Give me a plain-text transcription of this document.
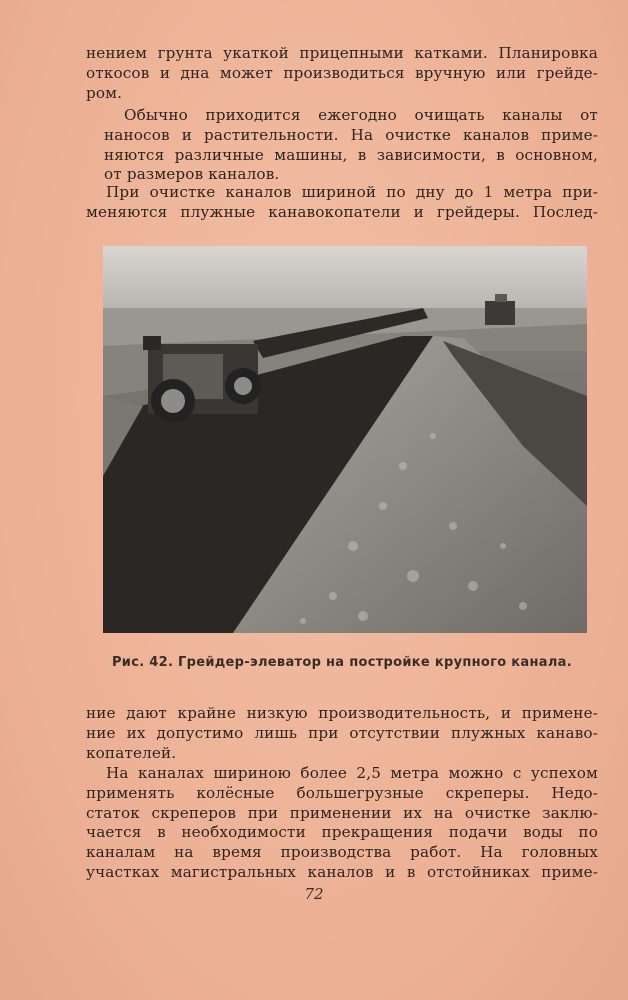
нением грунта укаткой прицепными катками. Планировка
откосов и дна может производиться вручную или грейде-
ром.

Обычно приходится ежегодно очищать каналы от
наносов и растительности. На очистке каналов приме-
няются различные машины, в зависимости, в основном,
от размеров каналов.

При очистке каналов шириной по дну до 1 метра при-
меняются плужные канавокопатели и грейдеры. Послед-

Рис. 42. Грейдер-элеватор на постройке крупного канала.

ние дают крайне низкую производительность, и примене-
ние их допустимо лишь при отсутствии плужных канаво-
копателей.

На каналах шириною более 2,5 метра можно с успехом
применять колёсные большегрузные скреперы. Недо-
статок скреперов при применении их на очистке заклю-
чается в необходимости прекращения подачи воды по
каналам на время производства работ. На головных
участках магистральных каналов и в отстойниках приме-

72
